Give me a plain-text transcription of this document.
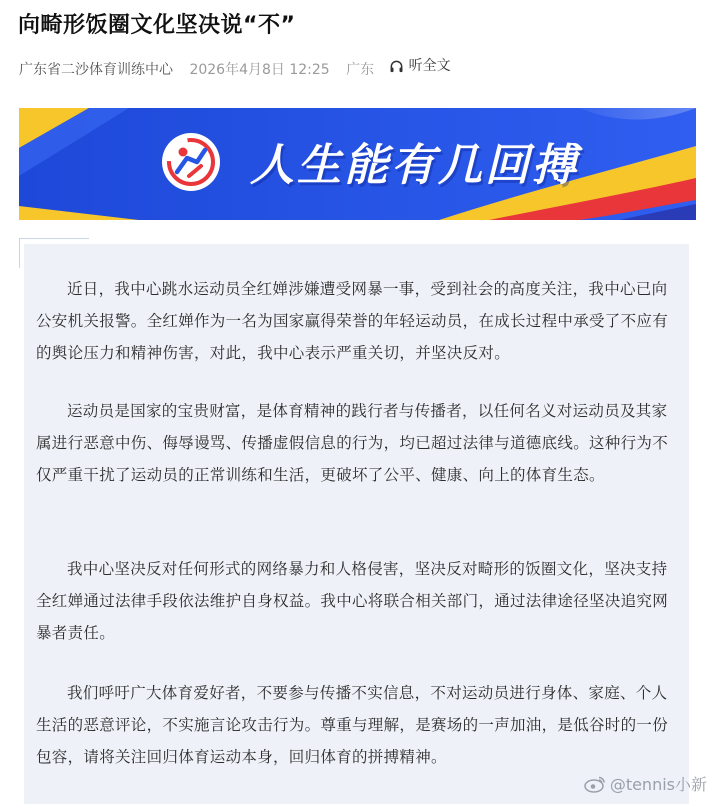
向畸形饭圈文化坚决说“不”
广东省二沙体育训练中心 2026年4月8日 12:25 广东 听全文
人生能有几回搏

近日，我中心跳水运动员全红婵涉嫌遭受网暴一事，受到社会的高度关注，我中心已向公安机关报警。全红婵作为一名为国家赢得荣誉的年轻运动员，在成长过程中承受了不应有的舆论压力和精神伤害，对此，我中心表示严重关切，并坚决反对。

运动员是国家的宝贵财富，是体育精神的践行者与传播者，以任何名义对运动员及其家属进行恶意中伤、侮辱谩骂、传播虚假信息的行为，均已超过法律与道德底线。这种行为不仅严重干扰了运动员的正常训练和生活，更破坏了公平、健康、向上的体育生态。

我中心坚决反对任何形式的网络暴力和人格侵害，坚决反对畸形的饭圈文化，坚决支持全红婵通过法律手段依法维护自身权益。我中心将联合相关部门，通过法律途径坚决追究网暴者责任。

我们呼吁广大体育爱好者，不要参与传播不实信息，不对运动员进行身体、家庭、个人生活的恶意评论，不实施言论攻击行为。尊重与理解，是赛场的一声加油，是低谷时的一份包容，请将关注回归体育运动本身，回归体育的拼搏精神。

@tennis小新
